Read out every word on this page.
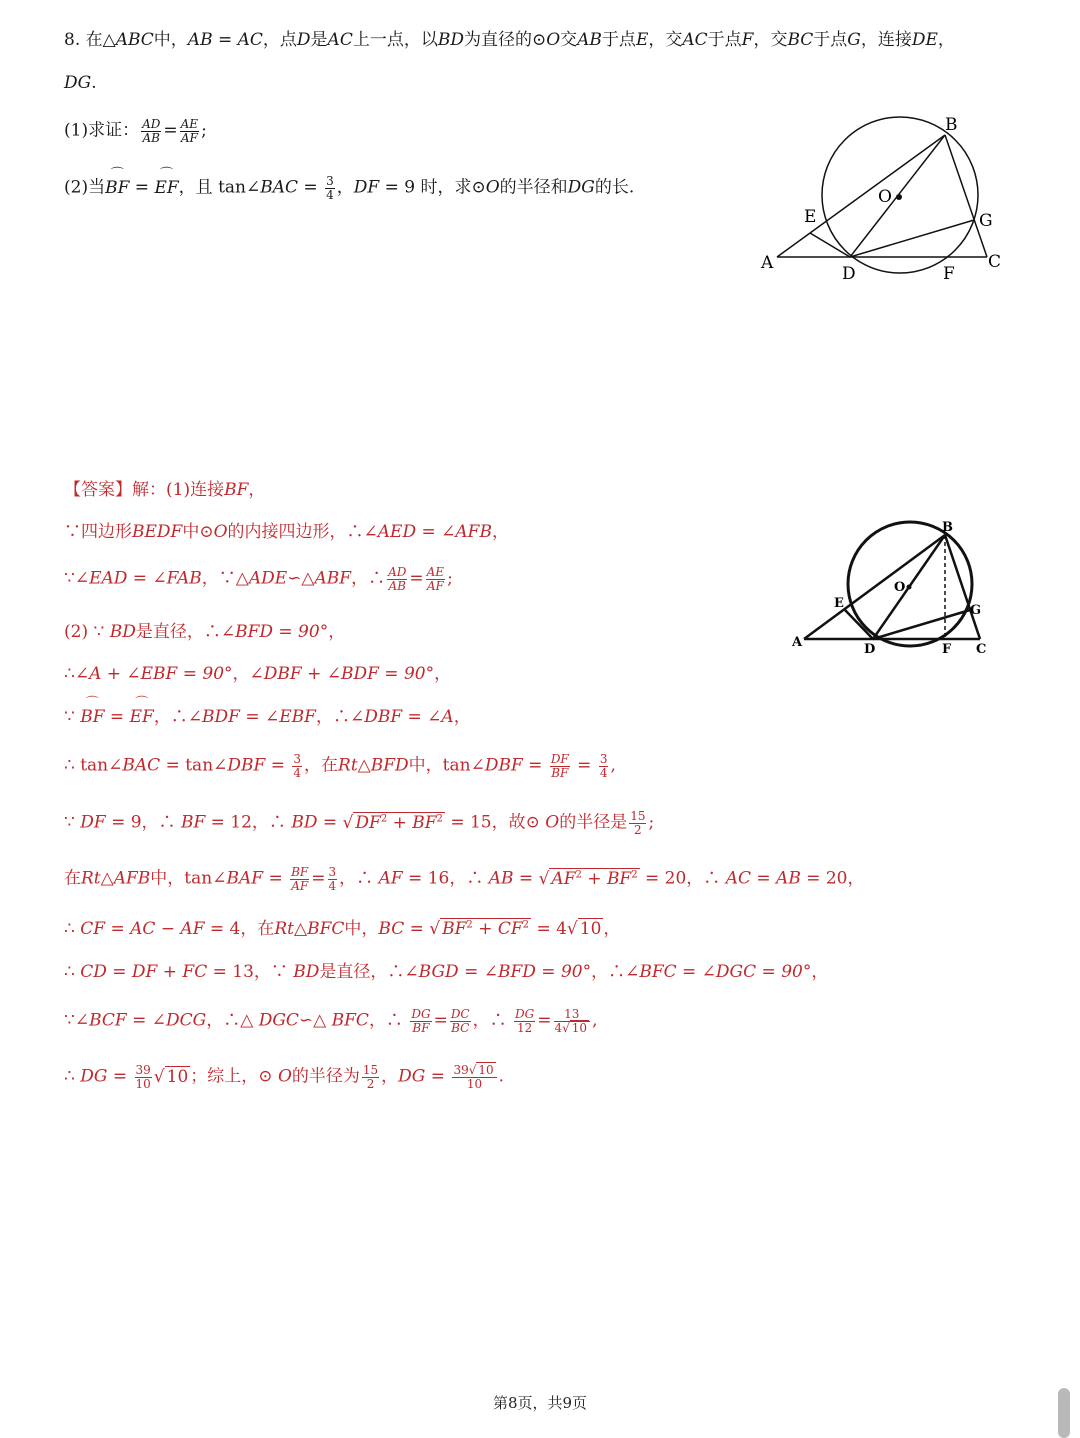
8. 在△ABC中，AB = AC，点D是AC上一点，以BD为直径的⊙O交AB于点E，交AC于点F，交BC于点G，连接DE，
DG.
(1)求证： $\frac{AD}{AB} = \frac{AE}{AF}$ ;
(2)当⌒ BF = ⌒ EF，且 tan∠BAC = $\frac{3}{4}$ ，DF = 9 时，求⊙O的半径和DG的长.
A
B
C
D
E
F
G
O
【答案】解：(1)连接BF，
∵四边形BEDF中⊙O的内接四边形，∴∠AED = ∠AFB，
∵∠EAD = ∠FAB，∵△ADE∽△ABF，∴ $\frac{AD}{AB} = \frac{AE}{AF}$ ;
(2) ∵ BD是直径，∴∠BFD = 90°，
∴∠A + ∠EBF = 90°，∠DBF + ∠BDF = 90°，
∵ ⌒ BF = ⌒ EF，∴∠BDF = ∠EBF，∴∠DBF = ∠A，
∴ tan∠BAC = tan∠DBF = $\frac{3}{4}$ ，在Rt△BFD中，tan∠DBF = $\frac{DF}{BF} = \frac{3}{4}$ ,
∵ DF = 9，∴ BF = 12，∴ BD = √ $DF^2 + BF^2 = 15$，故⊙ O的半径是 $\frac{15}{2}$ ;
在Rt△AFB中，tan∠BAF = $\frac{BF}{AF} = \frac{3}{4}$ ，∴ AF = 16，∴ AB = √ $AF^2 + BF^2 = 20$，∴ AC = AB = 20，
∴ CF = AC − AF = 4，在Rt△BFC中，BC = √ $BF^2 + CF^2 = 4√$ 10 ，
∴ CD = DF + FC = 13，∵ BD是直径，∴∠BGD = ∠BFD = 90°，∴∠BFC = ∠DGC = 90°，
∵∠BCF = ∠DCG，∴△ DGC∽△ BFC，∴ $\frac{DG}{BF} = \frac{DC}{BC}$ ，∴ $\frac{DG}{12} = \frac{13}{4√ 10}$ ,
∴ DG = $\frac{39}{10}$ √ 10 ；综上，⊙ O的半径为 $\frac{15}{2}$ ，DG = $\frac{39√ 10}{10}$ .
A
B
C
D
E
F
G
O
第8页，共9页
